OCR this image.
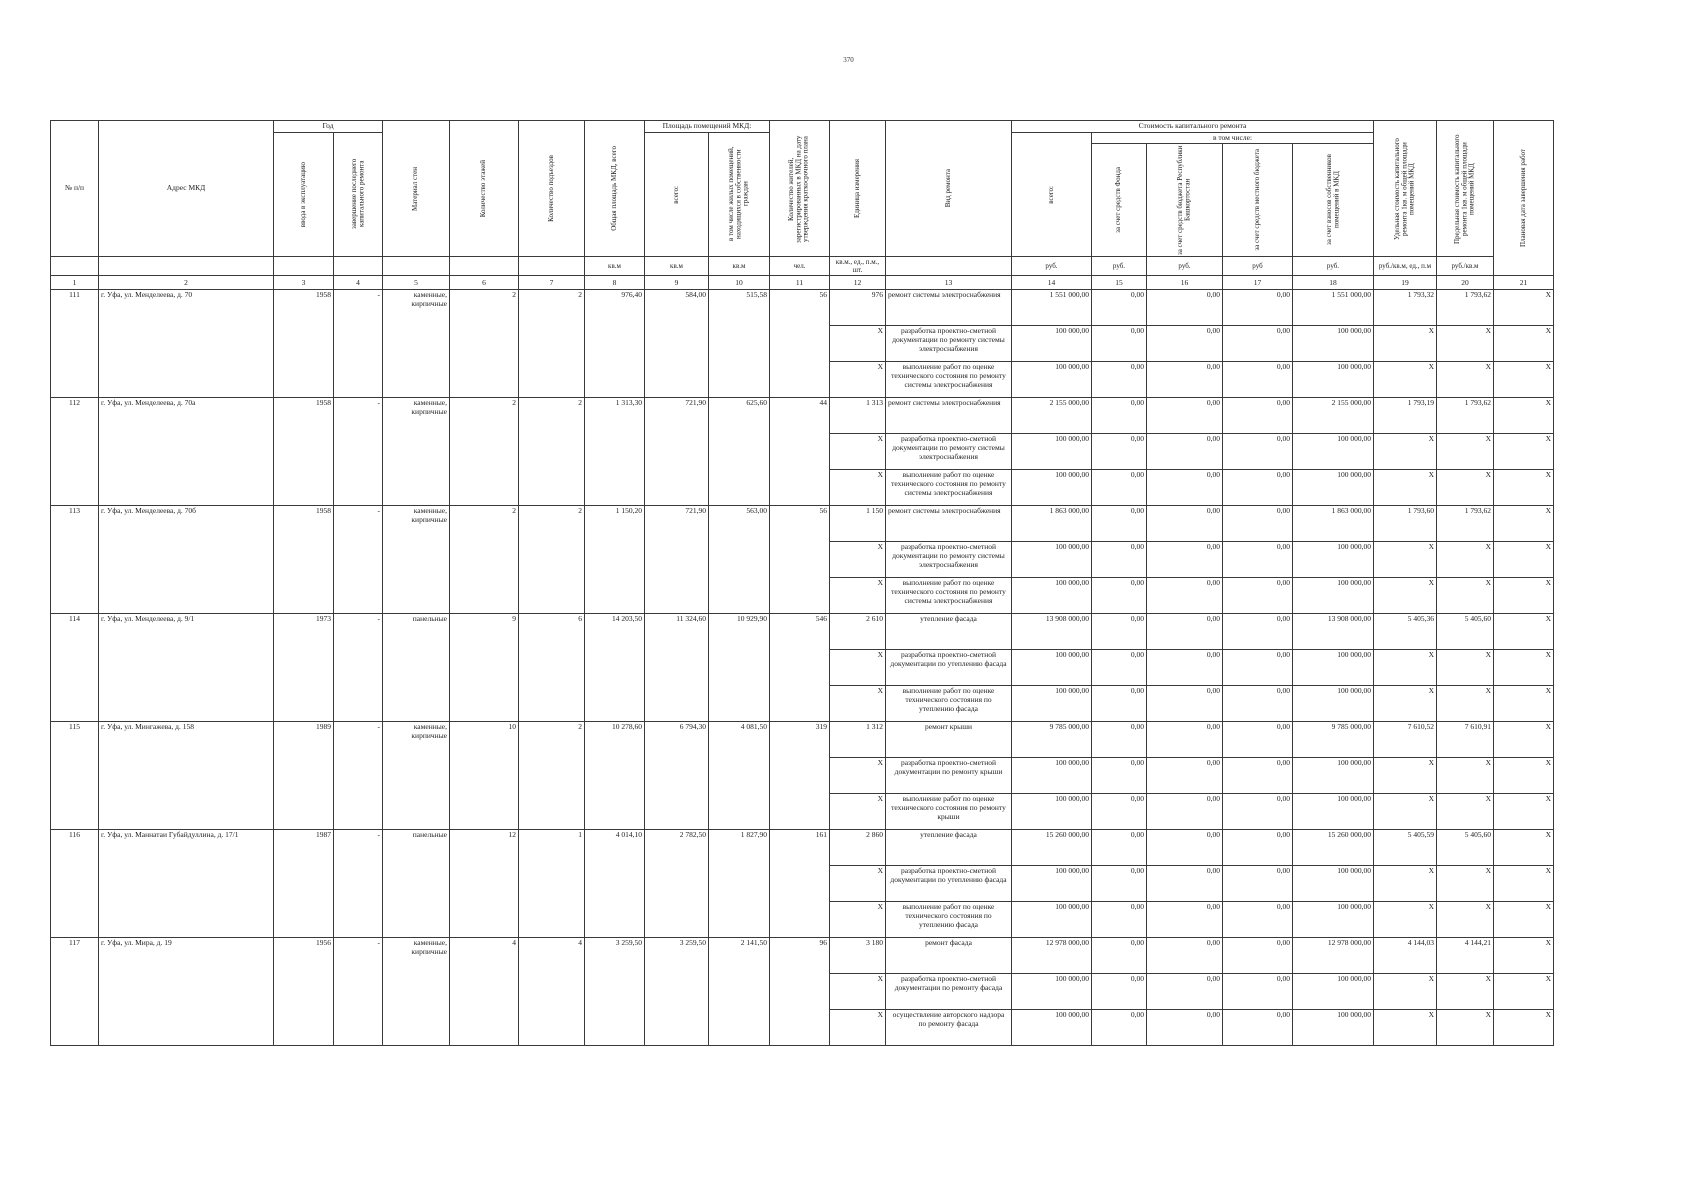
370
№ п/п	Адрес МКД	Год		Материал стен	Количество этажей	Количество подъездов	Общая площадь МКД, всего	Площадь помещений МКД:		Количество жителей, зарегистрированных в МКД на дату утверждения краткосрочного плана	Единица измерения	Вид ремонта	Стоимость капитального ремонта					Удельная стоимость капитального ремонта 1кв. м общей площади помещений МКД	Предельная стоимость капитального ремонта 1кв. м общей площади помещений МКД	Плановая дата завершения работ

		ввода в эксплуатацию	завершение последнего капитального ремонта					всего:	в том числе жилых помещений, находящихся в собственности граждан				всего:	в том числе:						

														за счет средств Фонда	за счет средств бюджета Республики Башкортостан	за счет средств местного бюджета	за счет взносов собственников помещений в МКД			

							кв.м	кв.м	кв.м	чел.	кв.м., ед., п.м., шт.		руб.	руб.	руб.	руб	руб.	руб./кв.м, ед., п.м	руб./кв.м	
1	2	3	4	5	6	7	8	9	10	11	12	13	14	15	16	17	18	19	20	21
111	г. Уфа, ул. Менделеева, д. 70	1958	-	каменные, кирпичные	2	2	976,40	584,00	515,58	56	976	ремонт системы электроснабжения	1 551 000,00	0,00	0,00	0,00	1 551 000,00	1 793,32	1 793,62	X
											X	разработка проектно-сметной документации по ремонту системы электроснабжения	100 000,00	0,00	0,00	0,00	100 000,00	X	X	X
											X	выполнение работ по оценке технического состояния по ремонту системы электроснабжения	100 000,00	0,00	0,00	0,00	100 000,00	X	X	X
112	г. Уфа, ул. Менделеева, д. 70а	1958	-	каменные, кирпичные	2	2	1 313,30	721,90	625,60	44	1 313	ремонт системы электроснабжения	2 155 000,00	0,00	0,00	0,00	2 155 000,00	1 793,19	1 793,62	X
											X	разработка проектно-сметной документации по ремонту системы электроснабжения	100 000,00	0,00	0,00	0,00	100 000,00	X	X	X
											X	выполнение работ по оценке технического состояния по ремонту системы электроснабжения	100 000,00	0,00	0,00	0,00	100 000,00	X	X	X
113	г. Уфа, ул. Менделеева, д. 70б	1958	-	каменные, кирпичные	2	2	1 150,20	721,90	563,00	56	1 150	ремонт системы электроснабжения	1 863 000,00	0,00	0,00	0,00	1 863 000,00	1 793,60	1 793,62	X
											X	разработка проектно-сметной документации по ремонту системы электроснабжения	100 000,00	0,00	0,00	0,00	100 000,00	X	X	X
											X	выполнение работ по оценке технического состояния по ремонту системы электроснабжения	100 000,00	0,00	0,00	0,00	100 000,00	X	X	X
114	г. Уфа, ул. Менделеева, д. 9/1	1973	-	панельные	9	6	14 203,50	11 324,60	10 929,90	546	2 610	утепление фасада	13 908 000,00	0,00	0,00	0,00	13 908 000,00	5 405,36	5 405,60	X
											X	разработка проектно-сметной документации по утеплению фасада	100 000,00	0,00	0,00	0,00	100 000,00	X	X	X
											X	выполнение работ по оценке технического состояния по утеплению фасада	100 000,00	0,00	0,00	0,00	100 000,00	X	X	X
115	г. Уфа, ул. Мингажева, д. 158	1989	-	каменные, кирпичные	10	2	10 278,60	6 794,30	4 081,50	319	1 312	ремонт крыши	9 785 000,00	0,00	0,00	0,00	9 785 000,00	7 610,52	7 610,91	X
											X	разработка проектно-сметной документации по ремонту крыши	100 000,00	0,00	0,00	0,00	100 000,00	X	X	X
											X	выполнение работ по оценке технического состояния по ремонту крыши	100 000,00	0,00	0,00	0,00	100 000,00	X	X	X
116	г. Уфа, ул. Маннатаи Губайдуллина, д. 17/1	1987	-	панельные	12	1	4 014,10	2 782,50	1 827,90	161	2 860	утепление фасада	15 260 000,00	0,00	0,00	0,00	15 260 000,00	5 405,59	5 405,60	X
											X	разработка проектно-сметной документации по утеплению фасада	100 000,00	0,00	0,00	0,00	100 000,00	X	X	X
											X	выполнение работ по оценке технического состояния по утеплению фасада	100 000,00	0,00	0,00	0,00	100 000,00	X	X	X
117	г. Уфа, ул. Мира, д. 19	1956	-	каменные, кирпичные	4	4	3 259,50	3 259,50	2 141,50	96	3 180	ремонт фасада	12 978 000,00	0,00	0,00	0,00	12 978 000,00	4 144,03	4 144,21	X
											X	разработка проектно-сметной документации по ремонту фасада	100 000,00	0,00	0,00	0,00	100 000,00	X	X	X
											X	осуществление авторского надзора по ремонту фасада	100 000,00	0,00	0,00	0,00	100 000,00	X	X	X
